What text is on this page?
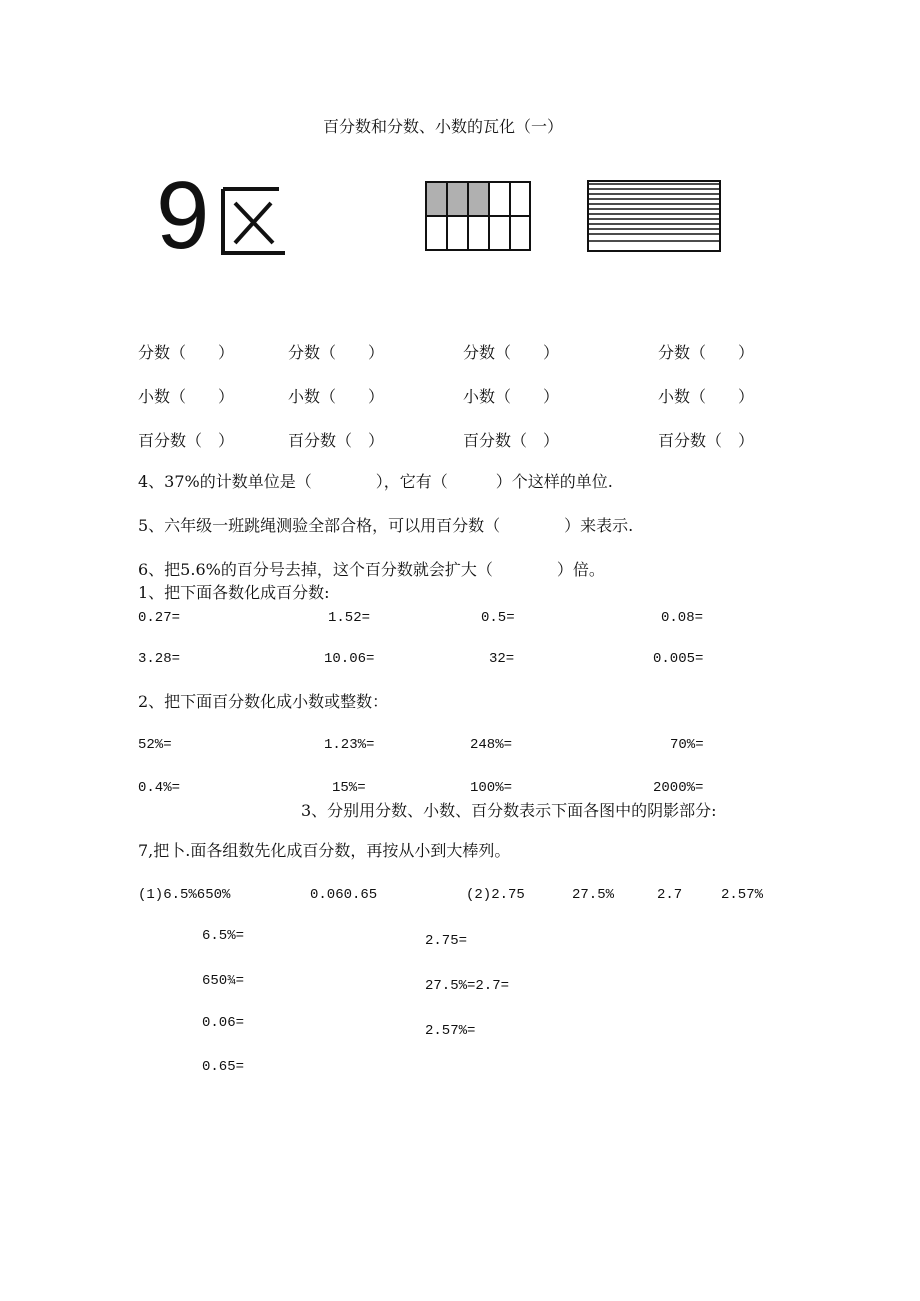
百分数和分数、小数的瓦化（一）
9
分数（　　）	分数（　　）	分数（　　）	分数（　　）
小数（　　）	小数（　　）	小数（　　）	小数（　　）
百分数（　）	百分数（　）	百分数（　）	百分数（　）
4、37%的计数单位是（　　　　），它有（　　　）个这样的单位.
5、六年级一班跳绳测验全部合格，可以用百分数（　　　　）来表示.
6、把5.6%的百分号去掉，这个百分数就会扩大（　　　　）倍。
1、把下面各数化成百分数:
0.27=	1.52=	0.5=	0.08=
3.28=	10.06=	32=	0.005=
2、把下面百分数化成小数或整数：
52%=	1.23%=	248%=	70%=
0.4%=	15%=	100%=	2000%=
3、分别用分数、小数、百分数表示下面各图中的阴影部分:
7,把卜.面各组数先化成百分数，再按从小到大棒列。
(1)6.5%650%	0.060.65	(2)2.75	27.5%	2.7	2.57%
6.5%=
650¾=
0.06=
0.65=
2.75=
27.5%=2.7=
2.57%=
